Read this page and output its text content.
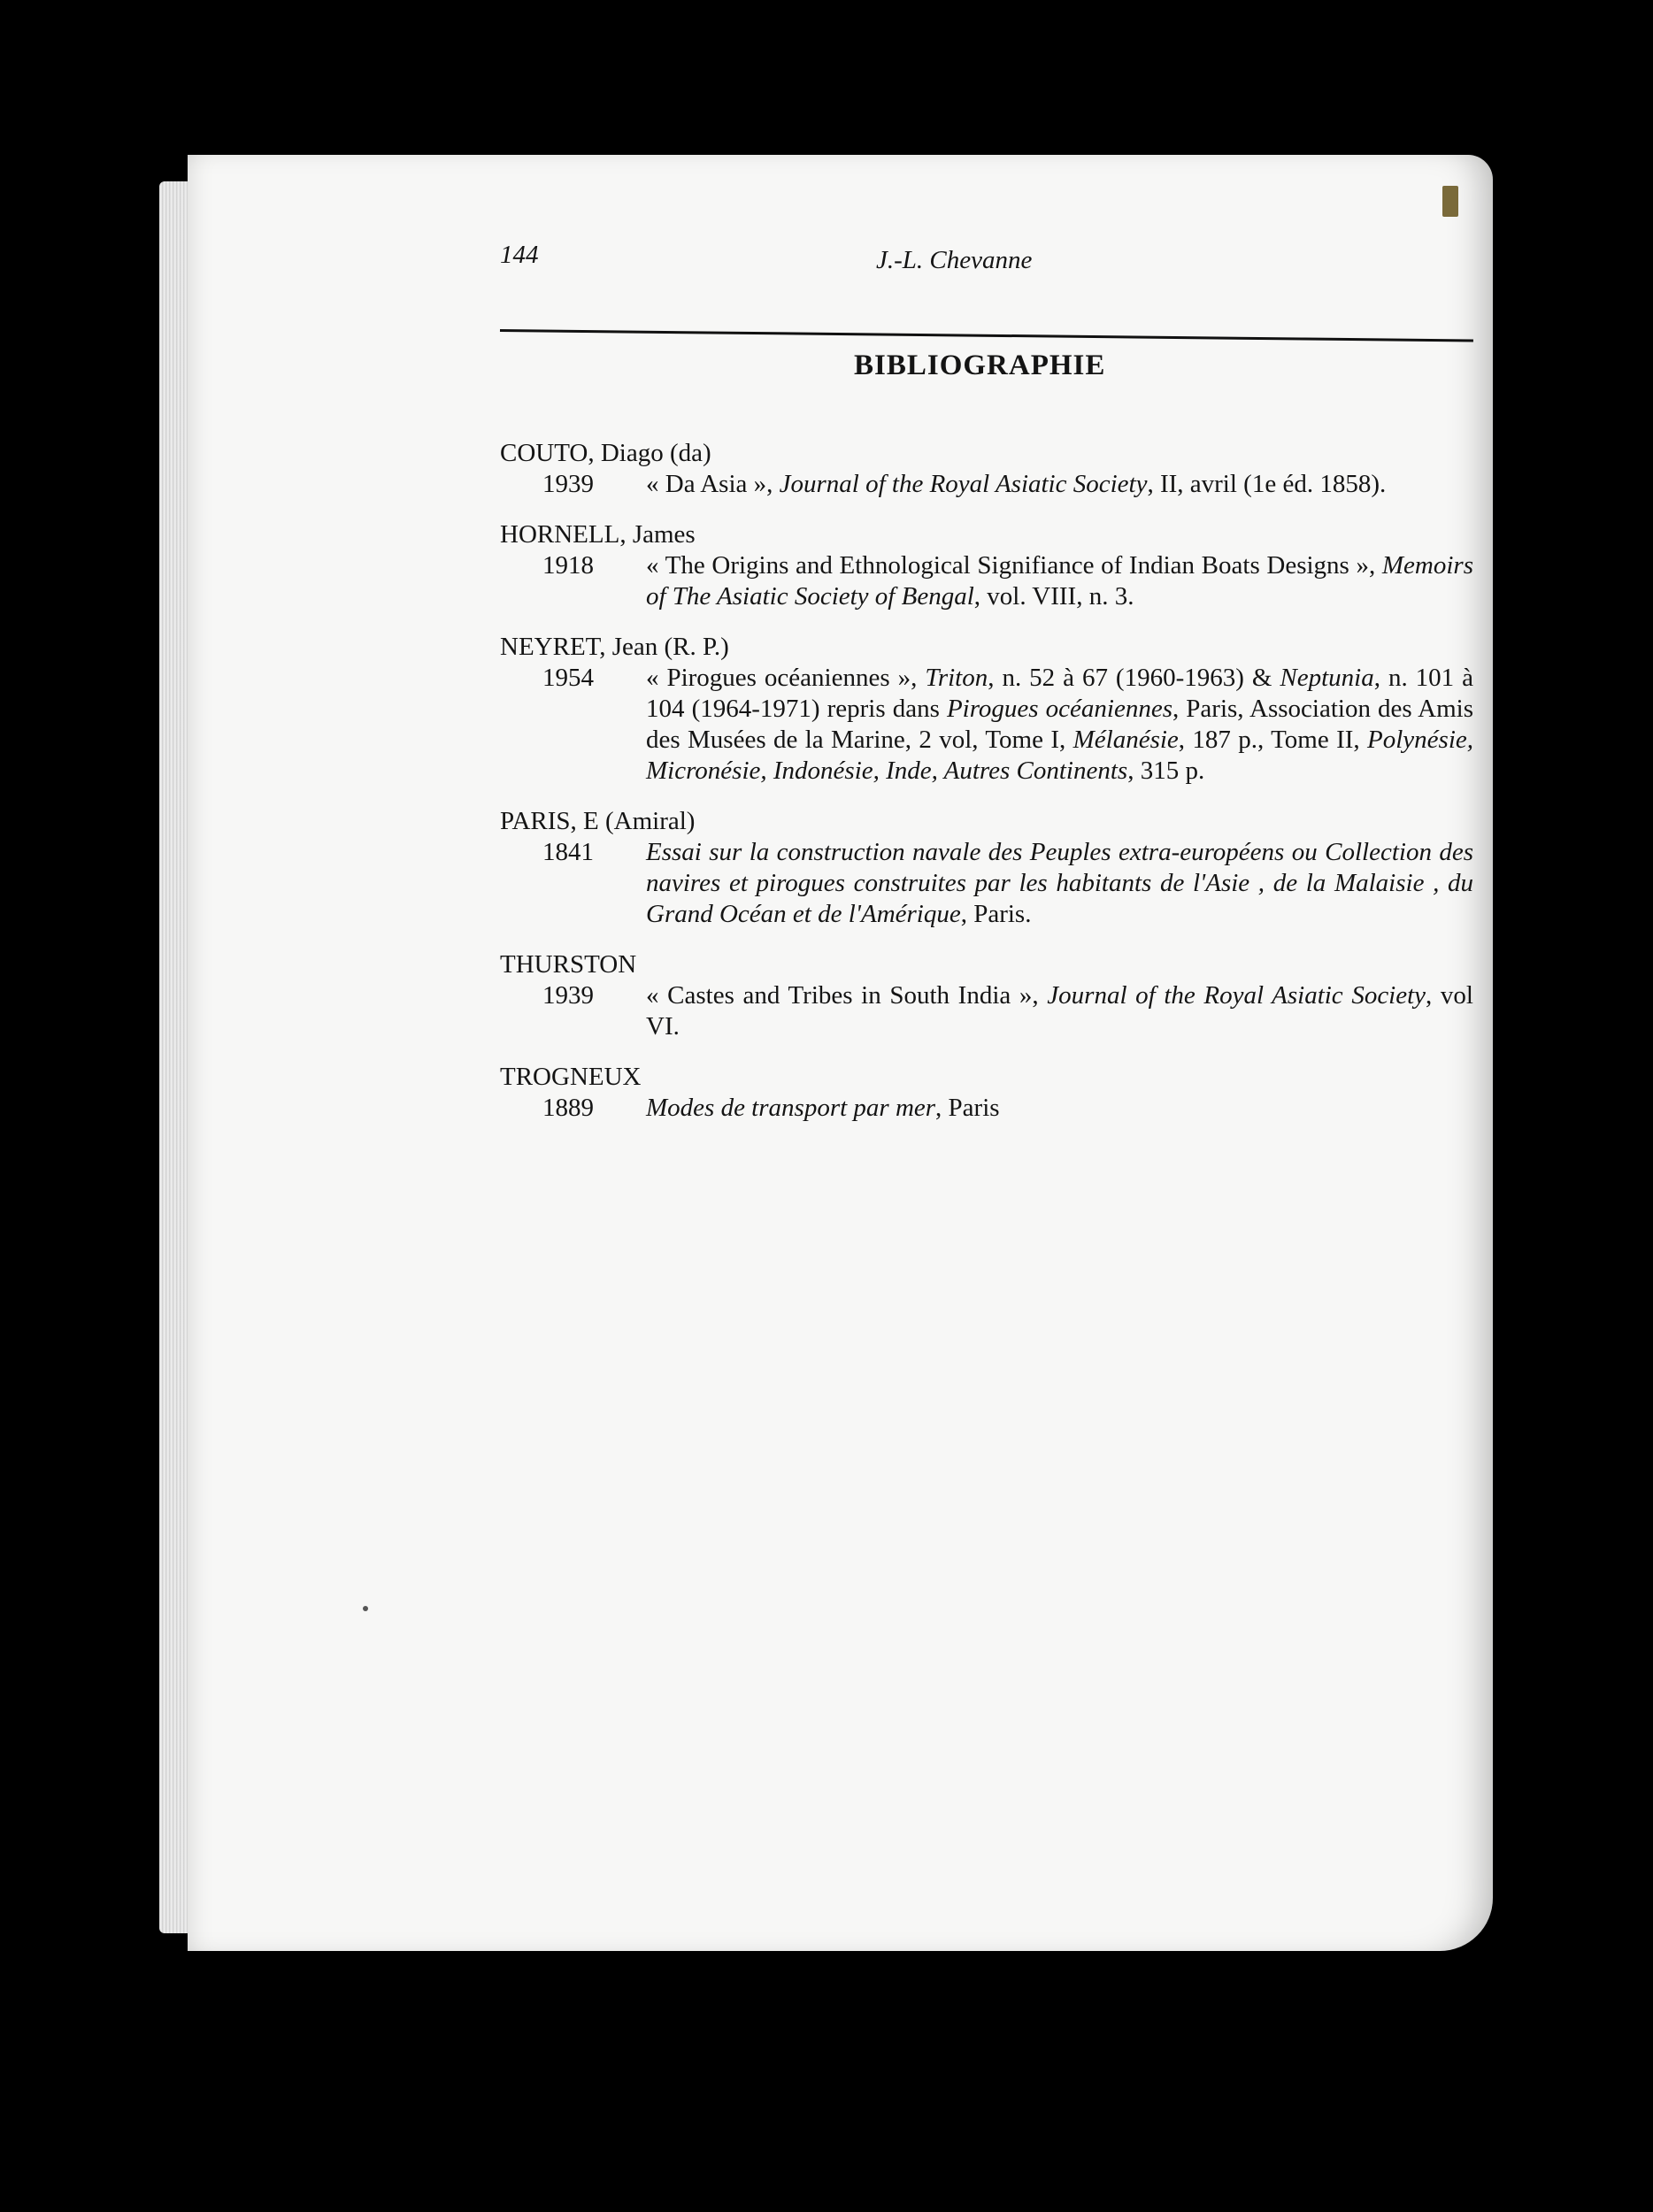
144	J.-L. Chevanne
BIBLIOGRAPHIE
COUTO, Diago (da)
1939	« Da Asia », Journal of the Royal Asiatic Society, II, avril (1e éd. 1858).
HORNELL, James
1918	« The Origins and Ethnological Signifiance of Indian Boats Designs », Memoirs of The Asiatic Society of Bengal, vol. VIII, n. 3.
NEYRET, Jean (R. P.)
1954	« Pirogues océaniennes », Triton, n. 52 à 67 (1960-1963) & Neptunia, n. 101 à 104 (1964-1971) repris dans Pirogues océaniennes, Paris, Association des Amis des Musées de la Marine, 2 vol, Tome I, Mélanésie, 187 p., Tome II, Polynésie, Micronésie, Indonésie, Inde, Autres Continents, 315 p.
PARIS, E (Amiral)
1841	Essai sur la construction navale des Peuples extra-européens ou Collection des navires et pirogues construites par les habitants de l'Asie , de la Malaisie , du Grand Océan et de l'Amérique, Paris.
THURSTON
1939	« Castes and Tribes in South India », Journal of the Royal Asiatic Society, vol VI.
TROGNEUX
1889	Modes de transport par mer, Paris
